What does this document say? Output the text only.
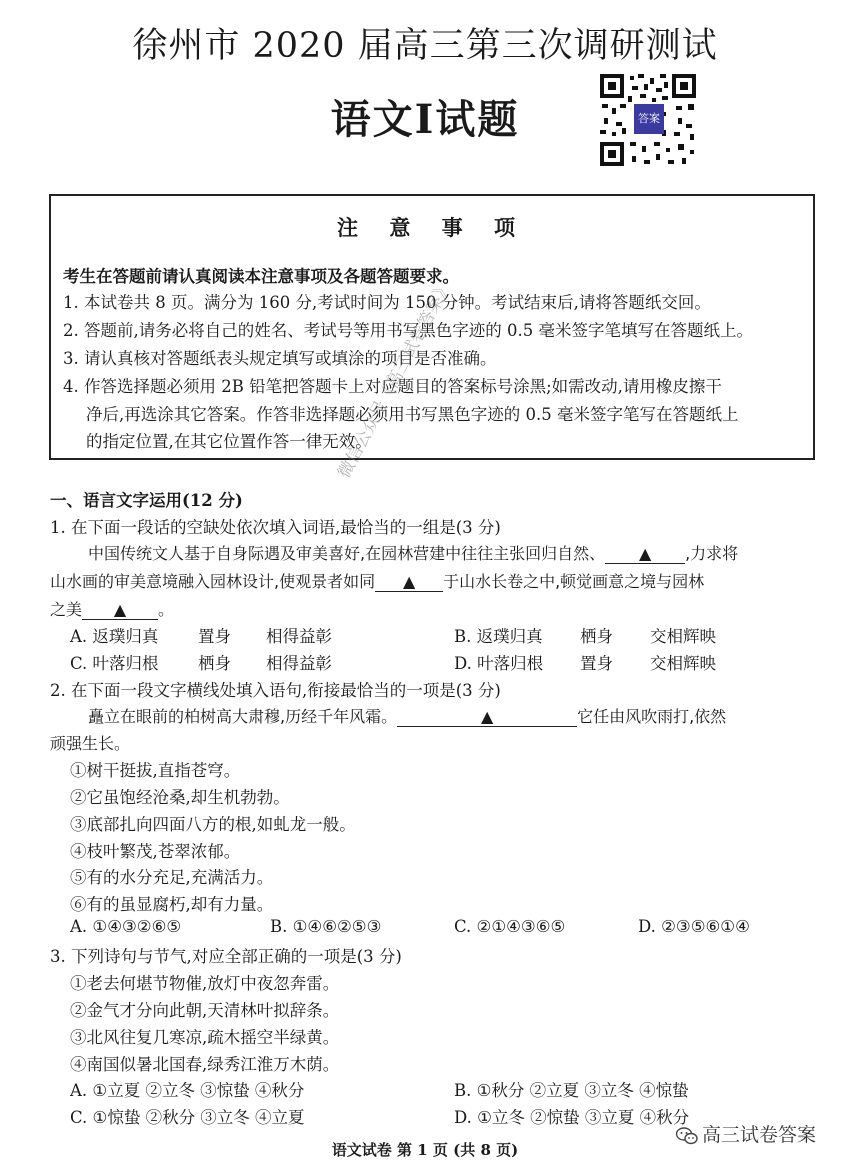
徐州市 2020 届高三第三次调研测试
语文Ⅰ试题	答案
注 意 事 项
考生在答题前请认真阅读本注意事项及各题答题要求。
1. 本试卷共 8 页。满分为 160 分,考试时间为 150 分钟。考试结束后,请将答题纸交回。
2. 答题前,请务必将自己的姓名、考试号等用书写黑色字迹的 0.5 毫米签字笔填写在答题纸上。
3. 请认真核对答题纸表头规定填写或填涂的项目是否准确。
4. 作答选择题必须用 2B 铅笔把答题卡上对应题目的答案标号涂黑;如需改动,请用橡皮擦干
净后,再选涂其它答案。作答非选择题必须用书写黑色字迹的 0.5 毫米签字笔写在答题纸上
的指定位置,在其它位置作答一律无效。
一、语言文字运用(12 分)
1. 在下面一段话的空缺处依次填入词语,最恰当的一组是(3 分)
中国传统文人基于自身际遇及审美喜好,在园林营建中往往主张回归自然、 ▲ ,力求将
山水画的审美意境融入园林设计,使观景者如同 ▲ 于山水长卷之中,顿觉画意之境与园林
之美 ▲ 。
A. 返璞归真 置身 相得益彰	B. 返璞归真 栖身 交相辉映
C. 叶落归根 栖身 相得益彰	D. 叶落归根 置身 交相辉映
2. 在下面一段文字横线处填入语句,衔接最恰当的一项是(3 分)
矗立在眼前的柏树高大肃穆,历经千年风霜。	▲	它任由风吹雨打,依然
顽强生长。
①树干挺拔,直指苍穹。
②它虽饱经沧桑,却生机勃勃。
③底部扎向四面八方的根,如虬龙一般。
④枝叶繁茂,苍翠浓郁。
⑤有的水分充足,充满活力。
⑥有的虽显腐朽,却有力量。
A. ①④③②⑥⑤	B. ①④⑥②⑤③	C. ②①④③⑥⑤	D. ②③⑤⑥①④
3. 下列诗句与节气,对应全部正确的一项是(3 分)
①老去何堪节物催,放灯中夜忽奔雷。
②金气才分向此朝,天清林叶拟辞条。
③北风往复几寒凉,疏木摇空半绿黄。
④南国似暑北国春,绿秀江淮万木荫。
A. ①立夏 ②立冬 ③惊蛰 ④秋分	B. ①秋分 ②立夏 ③立冬 ④惊蛰
C. ①惊蛰 ②秋分 ③立冬 ④立夏	D. ①立冬 ②惊蛰 ③立夏 ④秋分
微信公众号《高三试卷答案》
语文试卷 第 1 页 (共 8 页)
高三试卷答案
